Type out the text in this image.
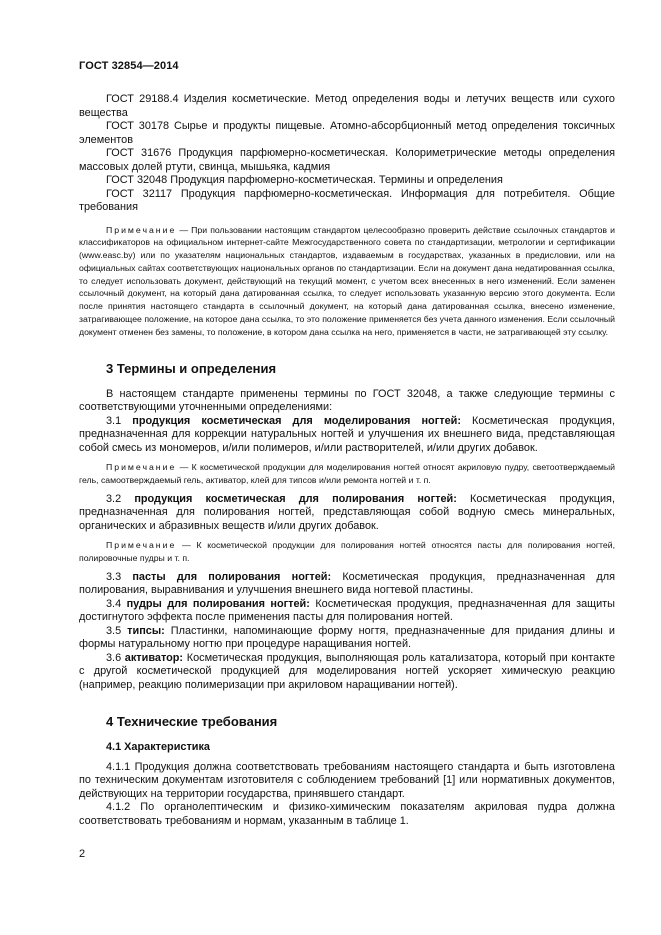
ГОСТ 32854—2014

ГОСТ 29188.4 Изделия косметические. Метод определения воды и летучих веществ или сухого вещества

ГОСТ 30178 Сырье и продукты пищевые. Атомно-абсорбционный метод определения токсичных элементов

ГОСТ 31676 Продукция парфюмерно-косметическая. Колориметрические методы определения массовых долей ртути, свинца, мышьяка, кадмия

ГОСТ 32048 Продукция парфюмерно-косметическая. Термины и определения

ГОСТ 32117 Продукция парфюмерно-косметическая. Информация для потребителя. Общие требования

Примечание — При пользовании настоящим стандартом целесообразно проверить действие ссылочных стандартов и классификаторов на официальном интернет-сайте Межгосударственного совета по стандартизации, метрологии и сертификации (www.easc.by) или по указателям национальных стандартов, издаваемым в государствах, указанных в предисловии, или на официальных сайтах соответствующих национальных органов по стандартизации. Если на документ дана недатированная ссылка, то следует использовать документ, действующий на текущий момент, с учетом всех внесенных в него изменений. Если заменен ссылочный документ, на который дана датированная ссылка, то следует использовать указанную версию этого документа. Если после принятия настоящего стандарта в ссылочный документ, на который дана датированная ссылка, внесено изменение, затрагивающее положение, на которое дана ссылка, то это положение применяется без учета данного изменения. Если ссылочный документ отменен без замены, то положение, в котором дана ссылка на него, применяется в части, не затрагивающей эту ссылку.

3 Термины и определения

В настоящем стандарте применены термины по ГОСТ 32048, а также следующие термины с соответствующими уточненными определениями:

3.1 продукция косметическая для моделирования ногтей: Косметическая продукция, предназначенная для коррекции натуральных ногтей и улучшения их внешнего вида, представляющая собой смесь из мономеров, и/или полимеров, и/или растворителей, и/или других добавок.

Примечание — К косметической продукции для моделирования ногтей относят акриловую пудру, светоотверждаемый гель, самоотверждаемый гель, активатор, клей для типсов и/или ремонта ногтей и т. п.

3.2 продукция косметическая для полирования ногтей: Косметическая продукция, предназначенная для полирования ногтей, представляющая собой водную смесь минеральных, органических и абразивных веществ и/или других добавок.

Примечание — К косметической продукции для полирования ногтей относятся пасты для полирования ногтей, полировочные пудры и т. п.

3.3 пасты для полирования ногтей: Косметическая продукция, предназначенная для полирования, выравнивания и улучшения внешнего вида ногтевой пластины.

3.4 пудры для полирования ногтей: Косметическая продукция, предназначенная для защиты достигнутого эффекта после применения пасты для полирования ногтей.

3.5 типсы: Пластинки, напоминающие форму ногтя, предназначенные для придания длины и формы натуральному ногтю при процедуре наращивания ногтей.

3.6 активатор: Косметическая продукция, выполняющая роль катализатора, который при контакте с другой косметической продукцией для моделирования ногтей ускоряет химическую реакцию (например, реакцию полимеризации при акриловом наращивании ногтей).

4 Технические требования

4.1 Характеристика

4.1.1 Продукция должна соответствовать требованиям настоящего стандарта и быть изготовлена по техническим документам изготовителя с соблюдением требований [1] или нормативных документов, действующих на территории государства, принявшего стандарт.

4.1.2 По органолептическим и физико-химическим показателям акриловая пудра должна соответствовать требованиям и нормам, указанным в таблице 1.

2
